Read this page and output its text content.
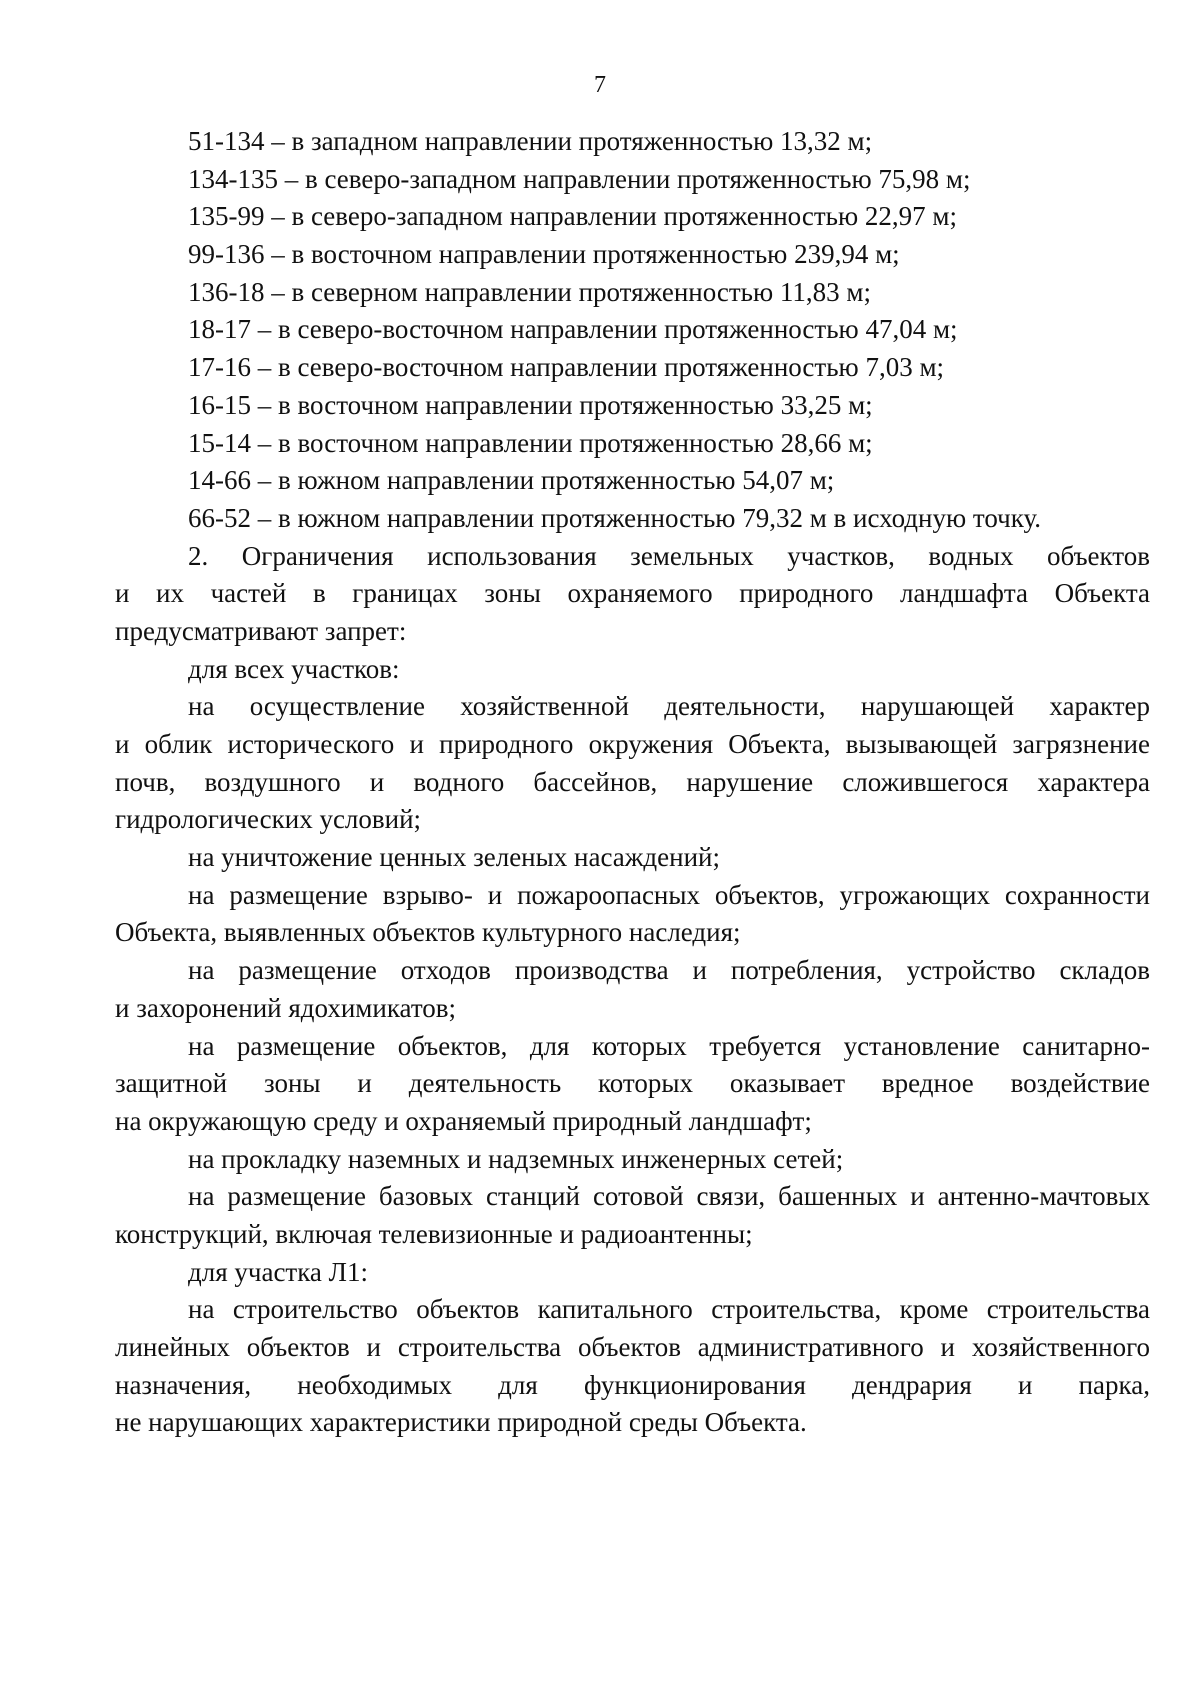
7
51-134 – в западном направлении протяженностью 13,32 м;
134-135 – в северо-западном направлении протяженностью 75,98 м;
135-99 – в северо-западном направлении протяженностью 22,97 м;
99-136 – в восточном направлении протяженностью 239,94 м;
136-18 – в северном направлении протяженностью 11,83 м;
18-17 – в северо-восточном направлении протяженностью 47,04 м;
17-16 – в северо-восточном направлении протяженностью 7,03 м;
16-15 – в восточном направлении протяженностью 33,25 м;
15-14 – в восточном направлении протяженностью 28,66 м;
14-66 – в южном направлении протяженностью 54,07 м;
66-52 – в южном направлении протяженностью 79,32 м в исходную точку.
2. Ограничения использования земельных участков, водных объектов
и их частей в границах зоны охраняемого природного ландшафта Объекта
предусматривают запрет:
для всех участков:
на осуществление хозяйственной деятельности, нарушающей характер
и облик исторического и природного окружения Объекта, вызывающей загрязнение
почв, воздушного и водного бассейнов, нарушение сложившегося характера
гидрологических условий;
на уничтожение ценных зеленых насаждений;
на размещение взрыво- и пожароопасных объектов, угрожающих сохранности
Объекта, выявленных объектов культурного наследия;
на размещение отходов производства и потребления, устройство складов
и захоронений ядохимикатов;
на размещение объектов, для которых требуется установление санитарно-
защитной зоны и деятельность которых оказывает вредное воздействие
на окружающую среду и охраняемый природный ландшафт;
на прокладку наземных и надземных инженерных сетей;
на размещение базовых станций сотовой связи, башенных и антенно-мачтовых
конструкций, включая телевизионные и радиоантенны;
для участка Л1:
на строительство объектов капитального строительства, кроме строительства
линейных объектов и строительства объектов административного и хозяйственного
назначения, необходимых для функционирования дендрария и парка,
не нарушающих характеристики природной среды Объекта.
